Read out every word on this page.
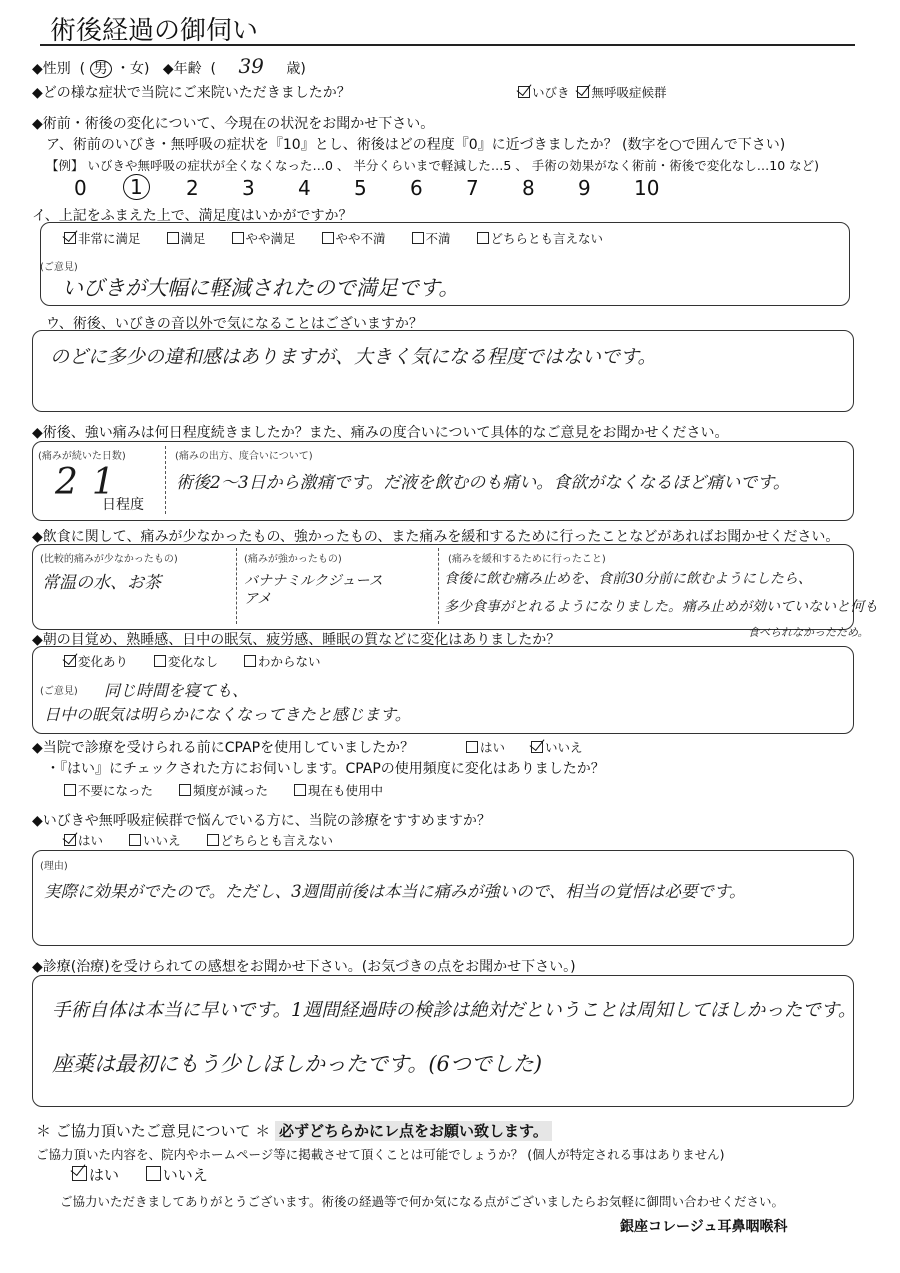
術後経過の御伺い
◆性別  ( 男 ・女)   ◆年齢  ( 39 歳)
◆どの様な症状で当院にご来院いただきましたか？	いびき 無呼吸症候群
◆術前・術後の変化について、今現在の状況をお聞かせ下さい。
ア、術前のいびき・無呼吸の症状を『10』とし、術後はどの程度『0』に近づきましたか？ (数字を○で囲んで下さい)
【例】 いびきや無呼吸の症状が全くなくなった…0 、 半分くらいまで軽減した…5 、 手術の効果がなく術前・術後で変化なし…10 など)
0	1	2 3 4 5 6 7 8 9 10
イ、上記をふまえた上で、満足度はいかがですか？
非常に満足	満足	やや満足	やや不満	不満	どちらとも言えない
(ご意見)
いびきが大幅に軽減されたので満足です。
ウ、術後、いびきの音以外で気になることはございますか？
のどに多少の違和感はありますが、大きく気になる程度ではないです。
◆術後、強い痛みは何日程度続きましたか？また、痛みの度合いについて具体的なご意見をお聞かせください。
(痛みが続いた日数)
21
日程度
(痛みの出方、度合いについて)
術後2〜3日から激痛です。だ液を飲むのも痛い。食欲がなくなるほど痛いです。
◆飲食に関して、痛みが少なかったもの、強かったもの、また痛みを緩和するために行ったことなどがあればお聞かせください。
(比較的痛みが少なかったもの)
常温の水、お茶
(痛みが強かったもの)
バナナミルクジュース
アメ
(痛みを緩和するために行ったこと)
食後に飲む痛み止めを、食前30分前に飲むようにしたら、
多少食事がとれるようになりました。痛み止めが効いていないと何も
食べられなかったため。
◆朝の目覚め、熟睡感、日中の眠気、疲労感、睡眠の質などに変化はありましたか？
変化あり	変化なし	わからない
(ご意見) 同じ時間を寝ても、
日中の眠気は明らかになくなってきたと感じます。
◆当院で診療を受けられる前にCPAPを使用していましたか？	はい	いいえ
・『はい』にチェックされた方にお伺いします。CPAPの使用頻度に変化はありましたか？
不要になった	頻度が減った	現在も使用中
◆いびきや無呼吸症候群で悩んでいる方に、当院の診療をすすめますか？
はい	いいえ	どちらとも言えない
(理由)
実際に効果がでたので。ただし、3週間前後は本当に痛みが強いので、相当の覚悟は必要です。
◆診療(治療)を受けられての感想をお聞かせ下さい。(お気づきの点をお聞かせ下さい。)
手術自体は本当に早いです。1週間経過時の検診は絶対だということは周知してほしかったです。
座薬は最初にもう少しほしかったです。(6つでした)
＊ ご協力頂いたご意見について ＊ 必ずどちらかにレ点をお願い致します。
ご協力頂いた内容を、院内やホームページ等に掲載させて頂くことは可能でしょうか？ (個人が特定される事はありません)
はい	いいえ
ご協力いただきましてありがとうございます。術後の経過等で何か気になる点がございましたらお気軽に御問い合わせください。
銀座コレージュ耳鼻咽喉科
